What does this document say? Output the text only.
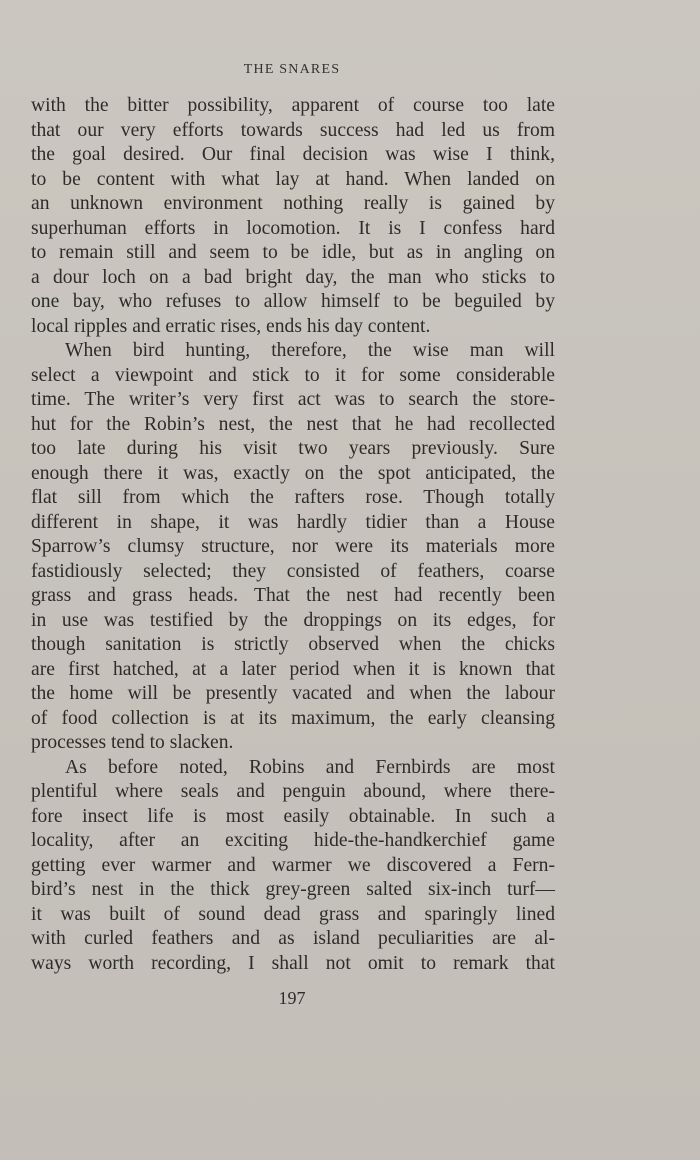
THE SNARES
with the bitter possibility, apparent of course too late
that our very efforts towards success had led us from
the goal desired. Our final decision was wise I think,
to be content with what lay at hand. When landed on
an unknown environment nothing really is gained by
superhuman efforts in locomotion. It is I confess hard
to remain still and seem to be idle, but as in angling on
a dour loch on a bad bright day, the man who sticks to
one bay, who refuses to allow himself to be beguiled by
local ripples and erratic rises, ends his day content.
When bird hunting, therefore, the wise man will
select a viewpoint and stick to it for some considerable
time. The writer’s very first act was to search the store-
hut for the Robin’s nest, the nest that he had recollected
too late during his visit two years previously. Sure
enough there it was, exactly on the spot anticipated, the
flat sill from which the rafters rose. Though totally
different in shape, it was hardly tidier than a House
Sparrow’s clumsy structure, nor were its materials more
fastidiously selected; they consisted of feathers, coarse
grass and grass heads. That the nest had recently been
in use was testified by the droppings on its edges, for
though sanitation is strictly observed when the chicks
are first hatched, at a later period when it is known that
the home will be presently vacated and when the labour
of food collection is at its maximum, the early cleansing
processes tend to slacken.
As before noted, Robins and Fernbirds are most
plentiful where seals and penguin abound, where there-
fore insect life is most easily obtainable. In such a
locality, after an exciting hide-the-handkerchief game
getting ever warmer and warmer we discovered a Fern-
bird’s nest in the thick grey-green salted six-inch turf—
it was built of sound dead grass and sparingly lined
with curled feathers and as island peculiarities are al-
ways worth recording, I shall not omit to remark that
197
